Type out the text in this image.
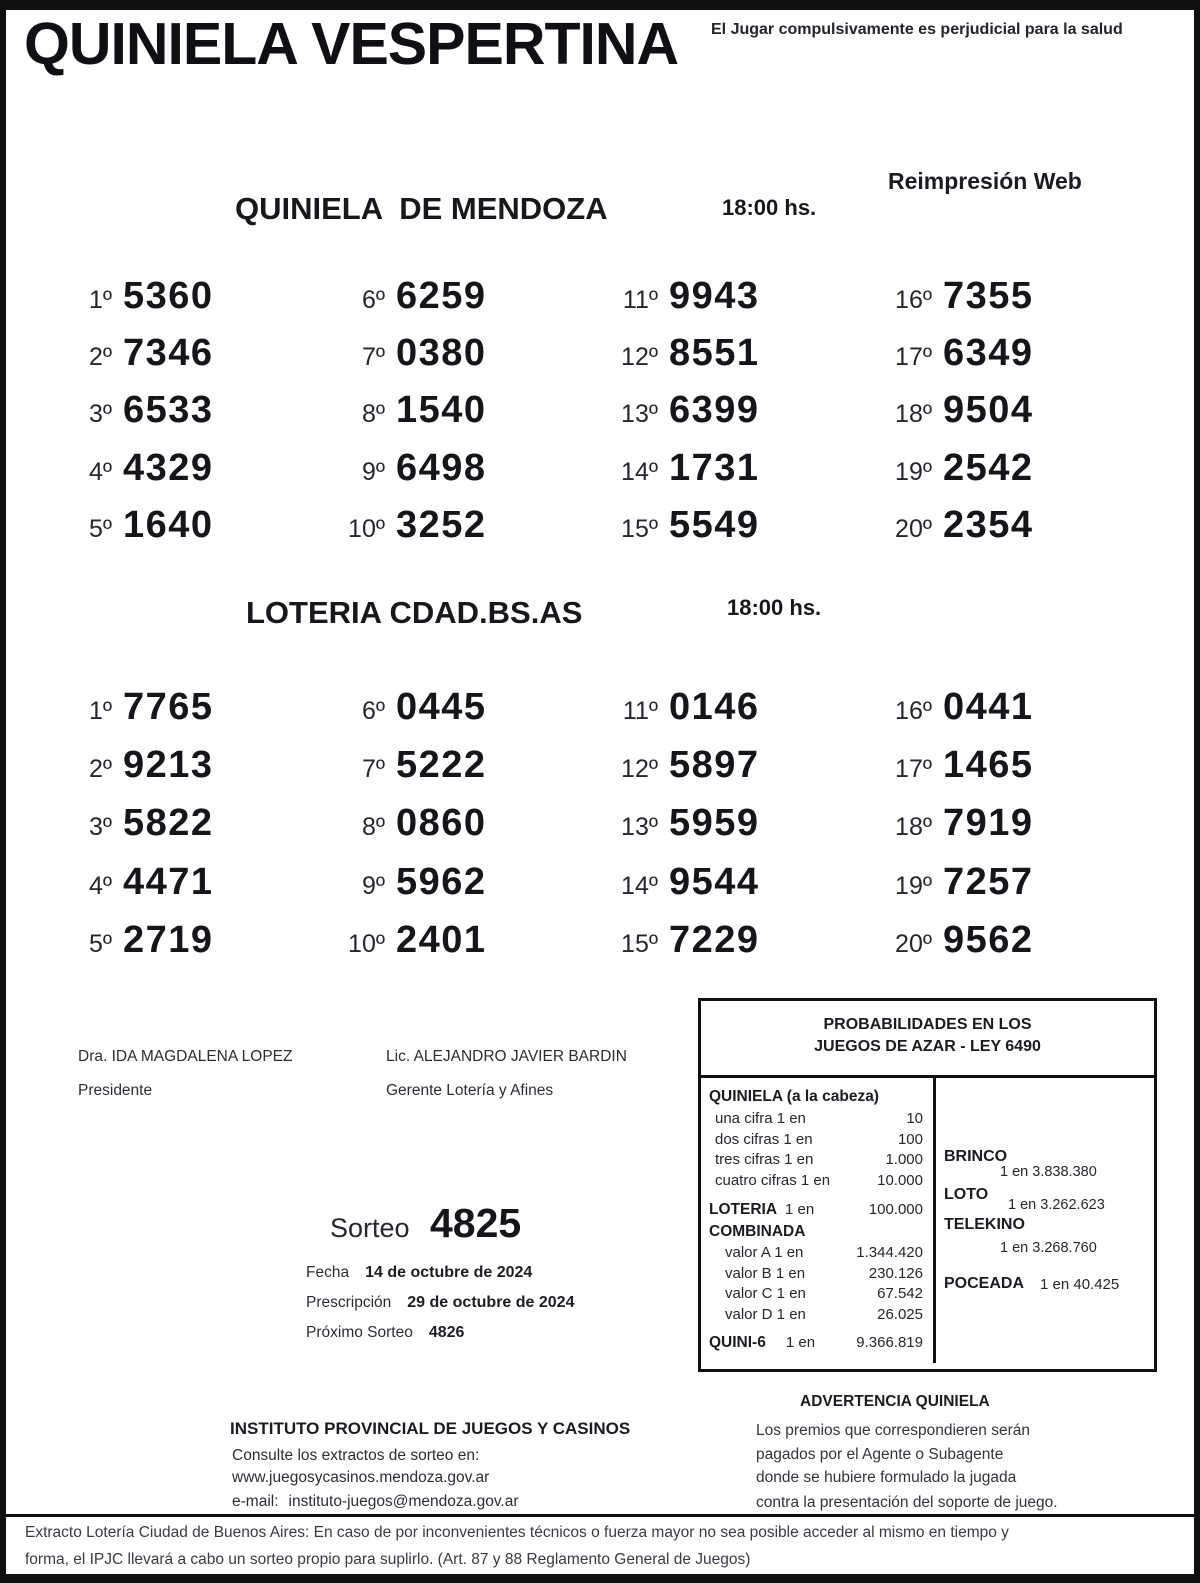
QUINIELA VESPERTINA El Jugar compulsivamente es perjudicial para la salud
Reimpresión Web
QUINIELA  DE MENDOZA	18:00 hs.
1º 5360
2º 7346
3º 6533
4º 4329
5º 1640
6º 6259
7º 0380
8º 1540
9º 6498
10º 3252
11º 9943
12º 8551
13º 6399
14º 1731
15º 5549
16º 7355
17º 6349
18º 9504
19º 2542
20º 2354
LOTERIA CDAD.BS.AS	18:00 hs.
1º 7765
2º 9213
3º 5822
4º 4471
5º 2719
6º 0445
7º 5222
8º 0860
9º 5962
10º 2401
11º 0146
12º 5897
13º 5959
14º 9544
15º 7229
16º 0441
17º 1465
18º 7919
19º 7257
20º 9562
Dra. IDA MAGDALENA LOPEZ
Presidente
Lic. ALEJANDRO JAVIER BARDIN
Gerente Lotería y Afines
Sorteo 4825
Fecha 14 de octubre de 2024
Prescripción 29 de octubre de 2024
Próximo Sorteo 4826
PROBABILIDADES EN LOS
JUEGOS DE AZAR - LEY 6490
QUINIELA (a la cabeza)
una cifra 1 en	10
dos cifras 1 en	100
tres cifras 1 en	1.000
cuatro cifras 1 en	10.000
LOTERIA 1 en	100.000
COMBINADA
valor A 1 en	1.344.420
valor B 1 en	230.126
valor C 1 en	67.542
valor D 1 en	26.025
QUINI-6 1 en	9.366.819
BRINCO
1 en 3.838.380
LOTO
1 en 3.262.623
TELEKINO
1 en 3.268.760
POCEADA 1 en 40.425
ADVERTENCIA QUINIELA
Los premios que correspondieren serán
pagados por el Agente o Subagente
donde se hubiere formulado la jugada
contra la presentación del soporte de juego.
INSTITUTO PROVINCIAL DE JUEGOS Y CASINOS
Consulte los extractos de sorteo en:
www.juegosycasinos.mendoza.gov.ar
e-mail: instituto-juegos@mendoza.gov.ar
Extracto Lotería Ciudad de Buenos Aires: En caso de por inconvenientes técnicos o fuerza mayor no sea posible acceder al mismo en tiempo y
forma, el IPJC llevará a cabo un sorteo propio para suplirlo. (Art. 87 y 88 Reglamento General de Juegos)
